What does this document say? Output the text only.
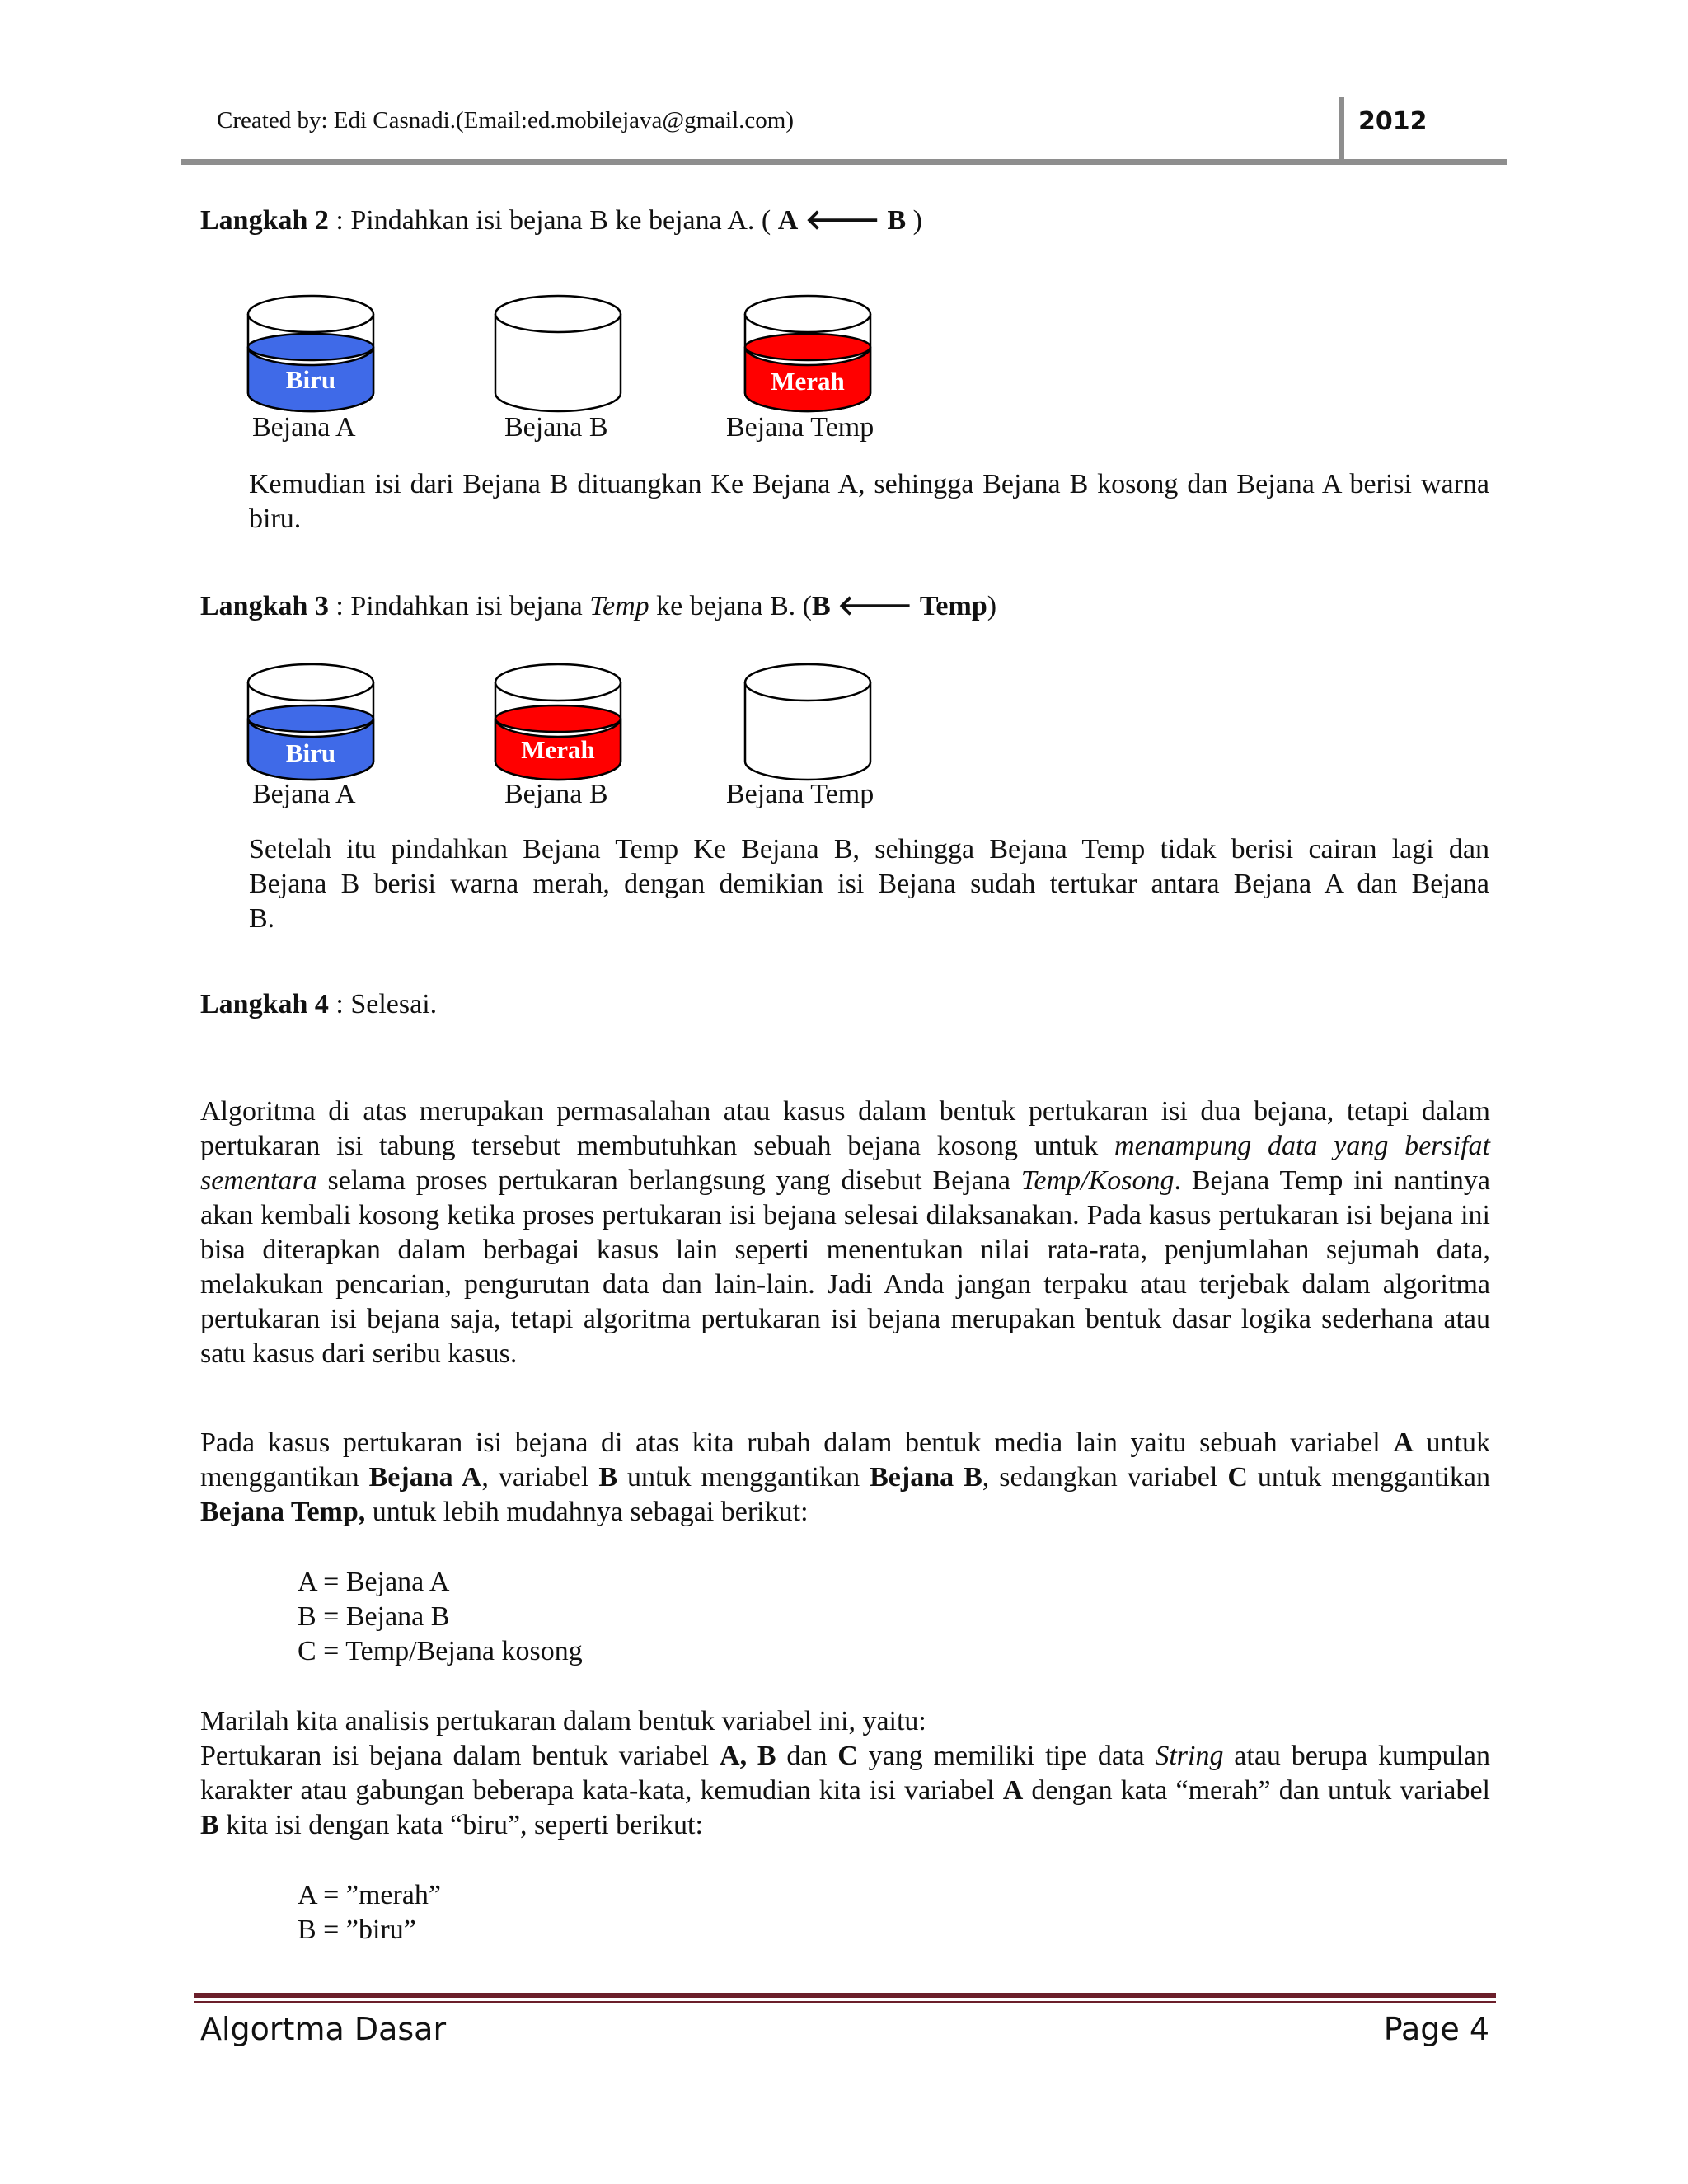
Created by: Edi Casnadi.(Email:ed.mobilejava@gmail.com)	2012
Langkah 2 : Pindahkan isi bejana B ke bejana A. ( A 🡐 B )
Biru	Merah
Bejana A	Bejana B	Bejana Temp
Kemudian isi dari Bejana B dituangkan Ke Bejana A, sehingga Bejana B kosong dan Bejana A berisi warna biru.
Langkah 3 : Pindahkan isi bejana Temp ke bejana B. (B 🡐 Temp)
Biru	Merah
Bejana A	Bejana B	Bejana Temp
Setelah itu pindahkan Bejana Temp Ke Bejana B, sehingga Bejana Temp tidak berisi cairan lagi dan
Bejana B berisi warna merah, dengan demikian isi Bejana sudah tertukar antara Bejana A dan Bejana
B.
Langkah 4 : Selesai.
Algoritma di atas merupakan permasalahan atau kasus dalam bentuk pertukaran isi dua bejana, tetapi dalam pertukaran isi tabung tersebut membutuhkan sebuah bejana kosong untuk menampung data yang bersifat sementara selama proses pertukaran berlangsung yang disebut Bejana Temp/Kosong. Bejana Temp ini nantinya akan kembali kosong ketika proses pertukaran isi bejana selesai dilaksanakan. Pada kasus pertukaran isi bejana ini bisa diterapkan dalam berbagai kasus lain seperti menentukan nilai rata-rata, penjumlahan sejumah data, melakukan pencarian, pengurutan data dan lain-lain. Jadi Anda jangan terpaku atau terjebak dalam algoritma pertukaran isi bejana saja, tetapi algoritma pertukaran isi bejana merupakan bentuk dasar logika sederhana atau satu kasus dari seribu kasus.
Pada kasus pertukaran isi bejana di atas kita rubah dalam bentuk media lain yaitu sebuah variabel A untuk menggantikan Bejana A, variabel B untuk menggantikan Bejana B, sedangkan variabel C untuk menggantikan Bejana Temp, untuk lebih mudahnya sebagai berikut:
A = Bejana A
B = Bejana B
C = Temp/Bejana kosong
Marilah kita analisis pertukaran dalam bentuk variabel ini, yaitu:
Pertukaran isi bejana dalam bentuk variabel A, B dan C yang memiliki tipe data String atau berupa kumpulan karakter atau gabungan beberapa kata-kata, kemudian kita isi variabel A dengan kata “merah” dan untuk variabel B kita isi dengan kata “biru”, seperti berikut:
A = ”merah”
B = ”biru”
Algortma Dasar	Page 4
